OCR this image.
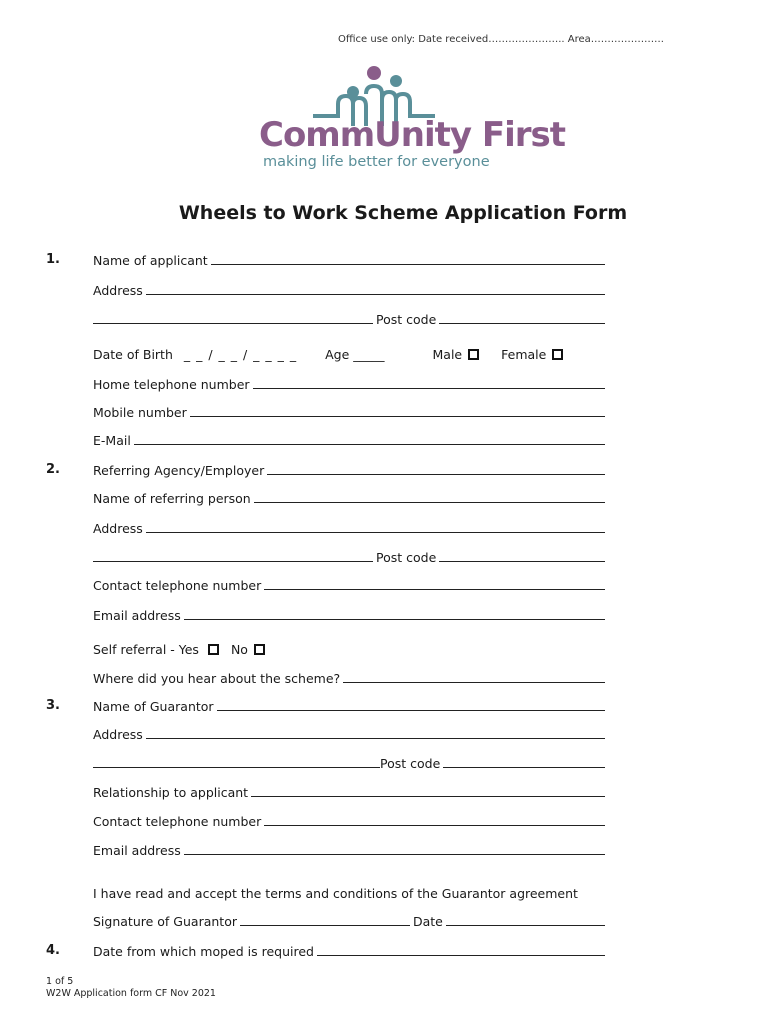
Office use only: Date received………………….. Area………………….
CommUnity First
making life better for everyone
Wheels to Work Scheme Application Form
1.	Name of applicant
Address
Post code
Date of Birth _ _ / _ _ / _ _ _ _	Age _____	Male	Female
Home telephone number
Mobile number
E-Mail
2.	Referring Agency/Employer
Name of referring person
Address
Post code
Contact telephone number
Email address
Self referral - Yes	No
Where did you hear about the scheme?
3.	Name of Guarantor
Address
Post code
Relationship to applicant
Contact telephone number
Email address
I have read and accept the terms and conditions of the Guarantor agreement
Signature of Guarantor	Date
4.	Date from which moped is required
1 of 5
W2W Application form CF Nov 2021
